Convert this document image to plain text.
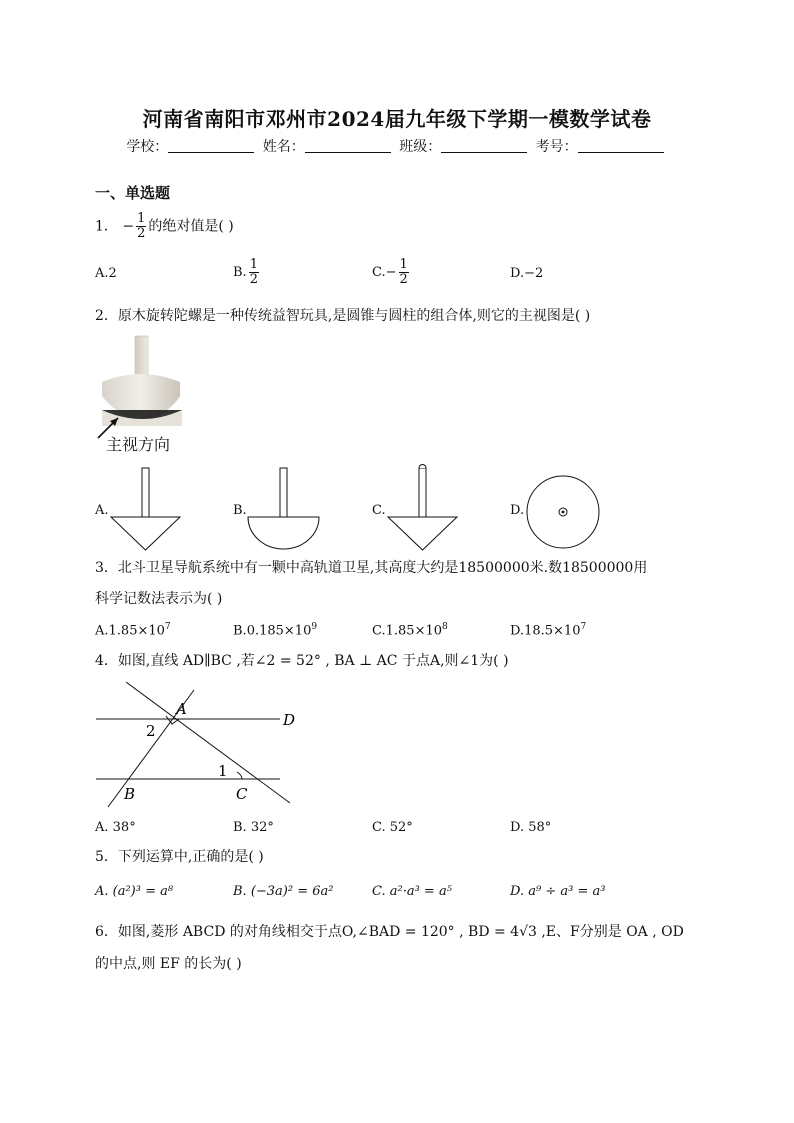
河南省南阳市邓州市2024届九年级下学期一模数学试卷
学校：	姓名：	班级：	考号：
一、单选题
1． − $\frac{1}{2}$ 的绝对值是( )
A.2	B. $\frac{1}{2}$	$C.- \frac{1}{2}$	D.−2
2．原木旋转陀螺是一种传统益智玩具,是圆锥与圆柱的组合体,则它的主视图是( )
主视方向
A.	B.	C.	D.
3．北斗卫星导航系统中有一颗中高轨道卫星,其高度大约是18500000米.数18500000用
科学记数法表示为( )
$A.1.85\times 10^7$	$B.0.185\times 10^9$	$C.1.85\times 10^8$	$D.18.5\times 10^7$
4．如图,直线 AD∥BC ,若∠2 = 52° , BA ⊥ AC 于点A,则∠1为( )
A
D
B	C
1
2
A. 38°	B. 32°	C. 52°	D. 58°
5．下列运算中,正确的是( )
A. (a²)³ = a⁸	B. (−3a)² = 6a²	C. a²·a³ = a⁵	D. a⁹ ÷ a³ = a³
6．如图,菱形 ABCD 的对角线相交于点O,∠BAD = 120° , BD = 4√3 ,E、F分别是 OA , OD
的中点,则 EF 的长为( )
